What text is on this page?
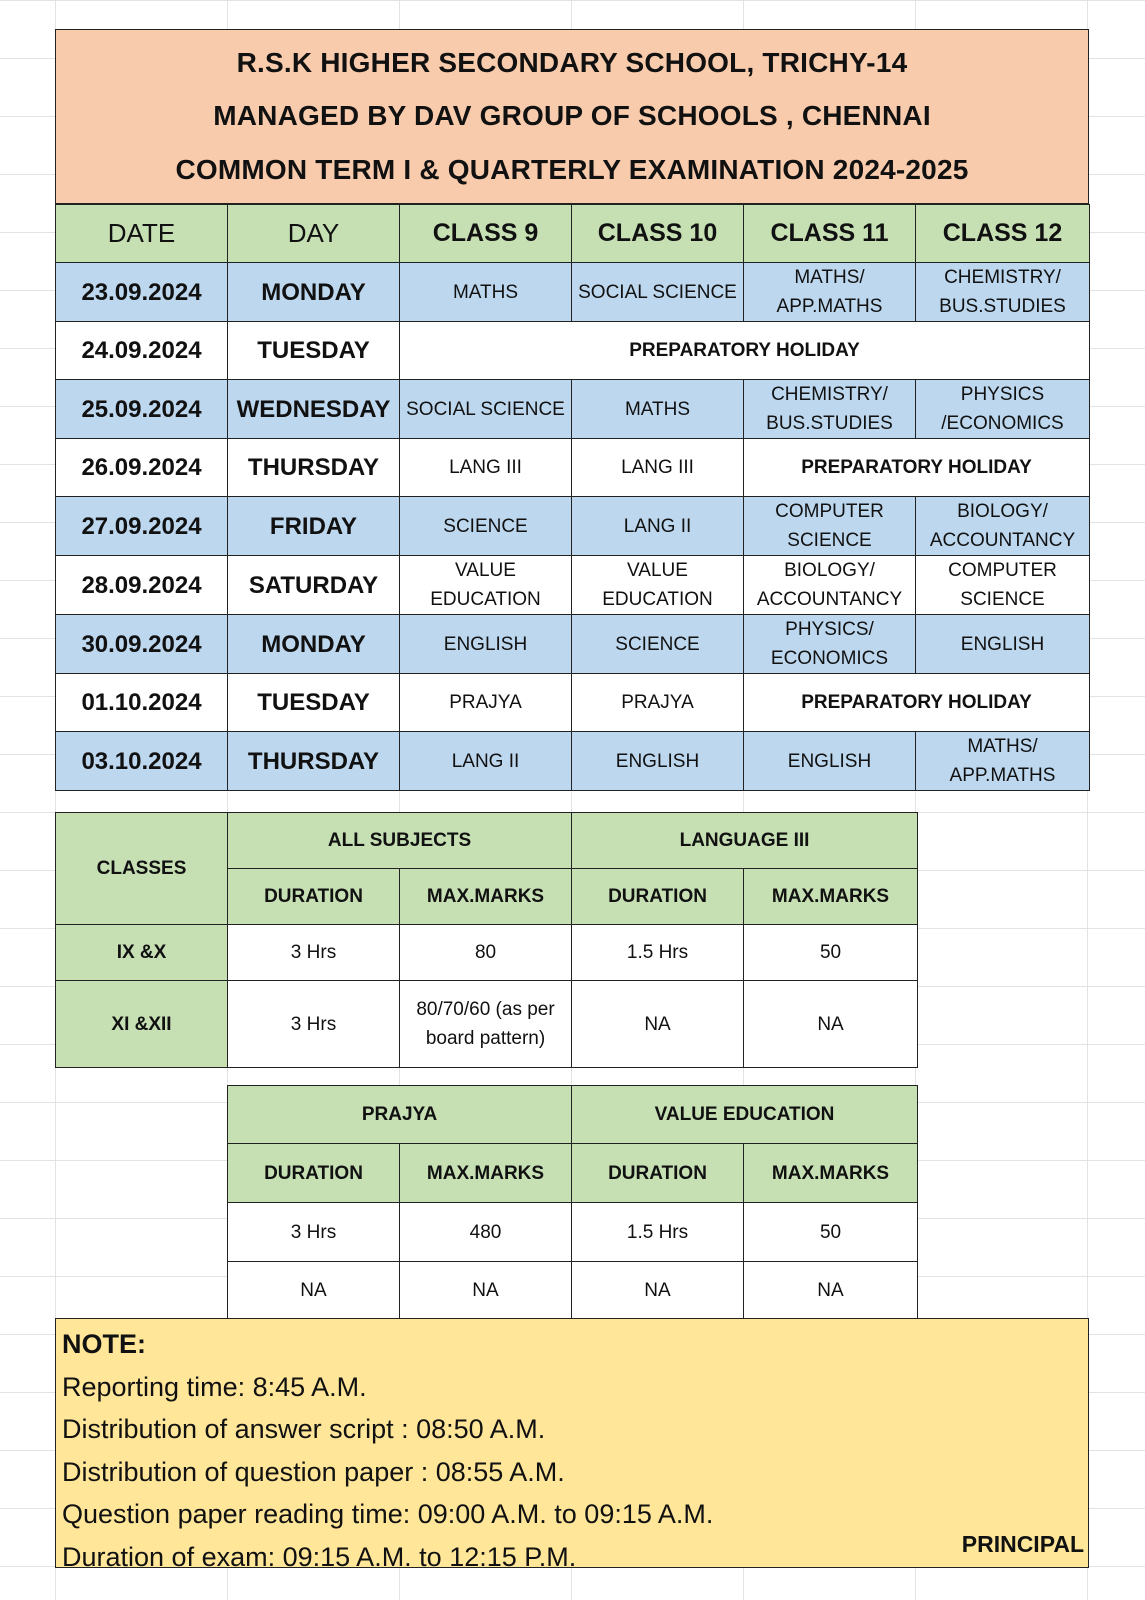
R.S.K HIGHER SECONDARY SCHOOL, TRICHY-14
MANAGED BY DAV GROUP OF SCHOOLS , CHENNAI
COMMON TERM I & QUARTERLY EXAMINATION 2024-2025
DATE	DAY	CLASS 9	CLASS 10	CLASS 11	CLASS 12
23.09.2024	MONDAY	MATHS	SOCIAL SCIENCE	MATHS/ APP.MATHS	CHEMISTRY/ BUS.STUDIES
24.09.2024	TUESDAY	PREPARATORY HOLIDAY			
25.09.2024	WEDNESDAY	SOCIAL SCIENCE	MATHS	CHEMISTRY/ BUS.STUDIES	PHYSICS /ECONOMICS
26.09.2024	THURSDAY	LANG III	LANG III	PREPARATORY HOLIDAY	
27.09.2024	FRIDAY	SCIENCE	LANG II	COMPUTER SCIENCE	BIOLOGY/ ACCOUNTANCY
28.09.2024	SATURDAY	VALUE EDUCATION	VALUE EDUCATION	BIOLOGY/ ACCOUNTANCY	COMPUTER SCIENCE
30.09.2024	MONDAY	ENGLISH	SCIENCE	PHYSICS/ ECONOMICS	ENGLISH
01.10.2024	TUESDAY	PRAJYA	PRAJYA	PREPARATORY HOLIDAY	
03.10.2024	THURSDAY	LANG II	ENGLISH	ENGLISH	MATHS/ APP.MATHS
CLASSES	ALL SUBJECTS		LANGUAGE III	
	DURATION	MAX.MARKS	DURATION	MAX.MARKS
IX &X	3 Hrs	80	1.5 Hrs	50
XI &XII	3 Hrs	80/70/60 (as per board pattern)	NA	NA
PRAJYA		VALUE EDUCATION	
DURATION	MAX.MARKS	DURATION	MAX.MARKS
3 Hrs	480	1.5 Hrs	50
NA	NA	NA	NA
NOTE:
Reporting time: 8:45 A.M.
Distribution of answer script : 08:50 A.M.
Distribution of question paper : 08:55 A.M.
Question paper reading time: 09:00 A.M. to 09:15 A.M.
Duration of exam: 09:15 A.M. to 12:15 P.M.	PRINCIPAL
